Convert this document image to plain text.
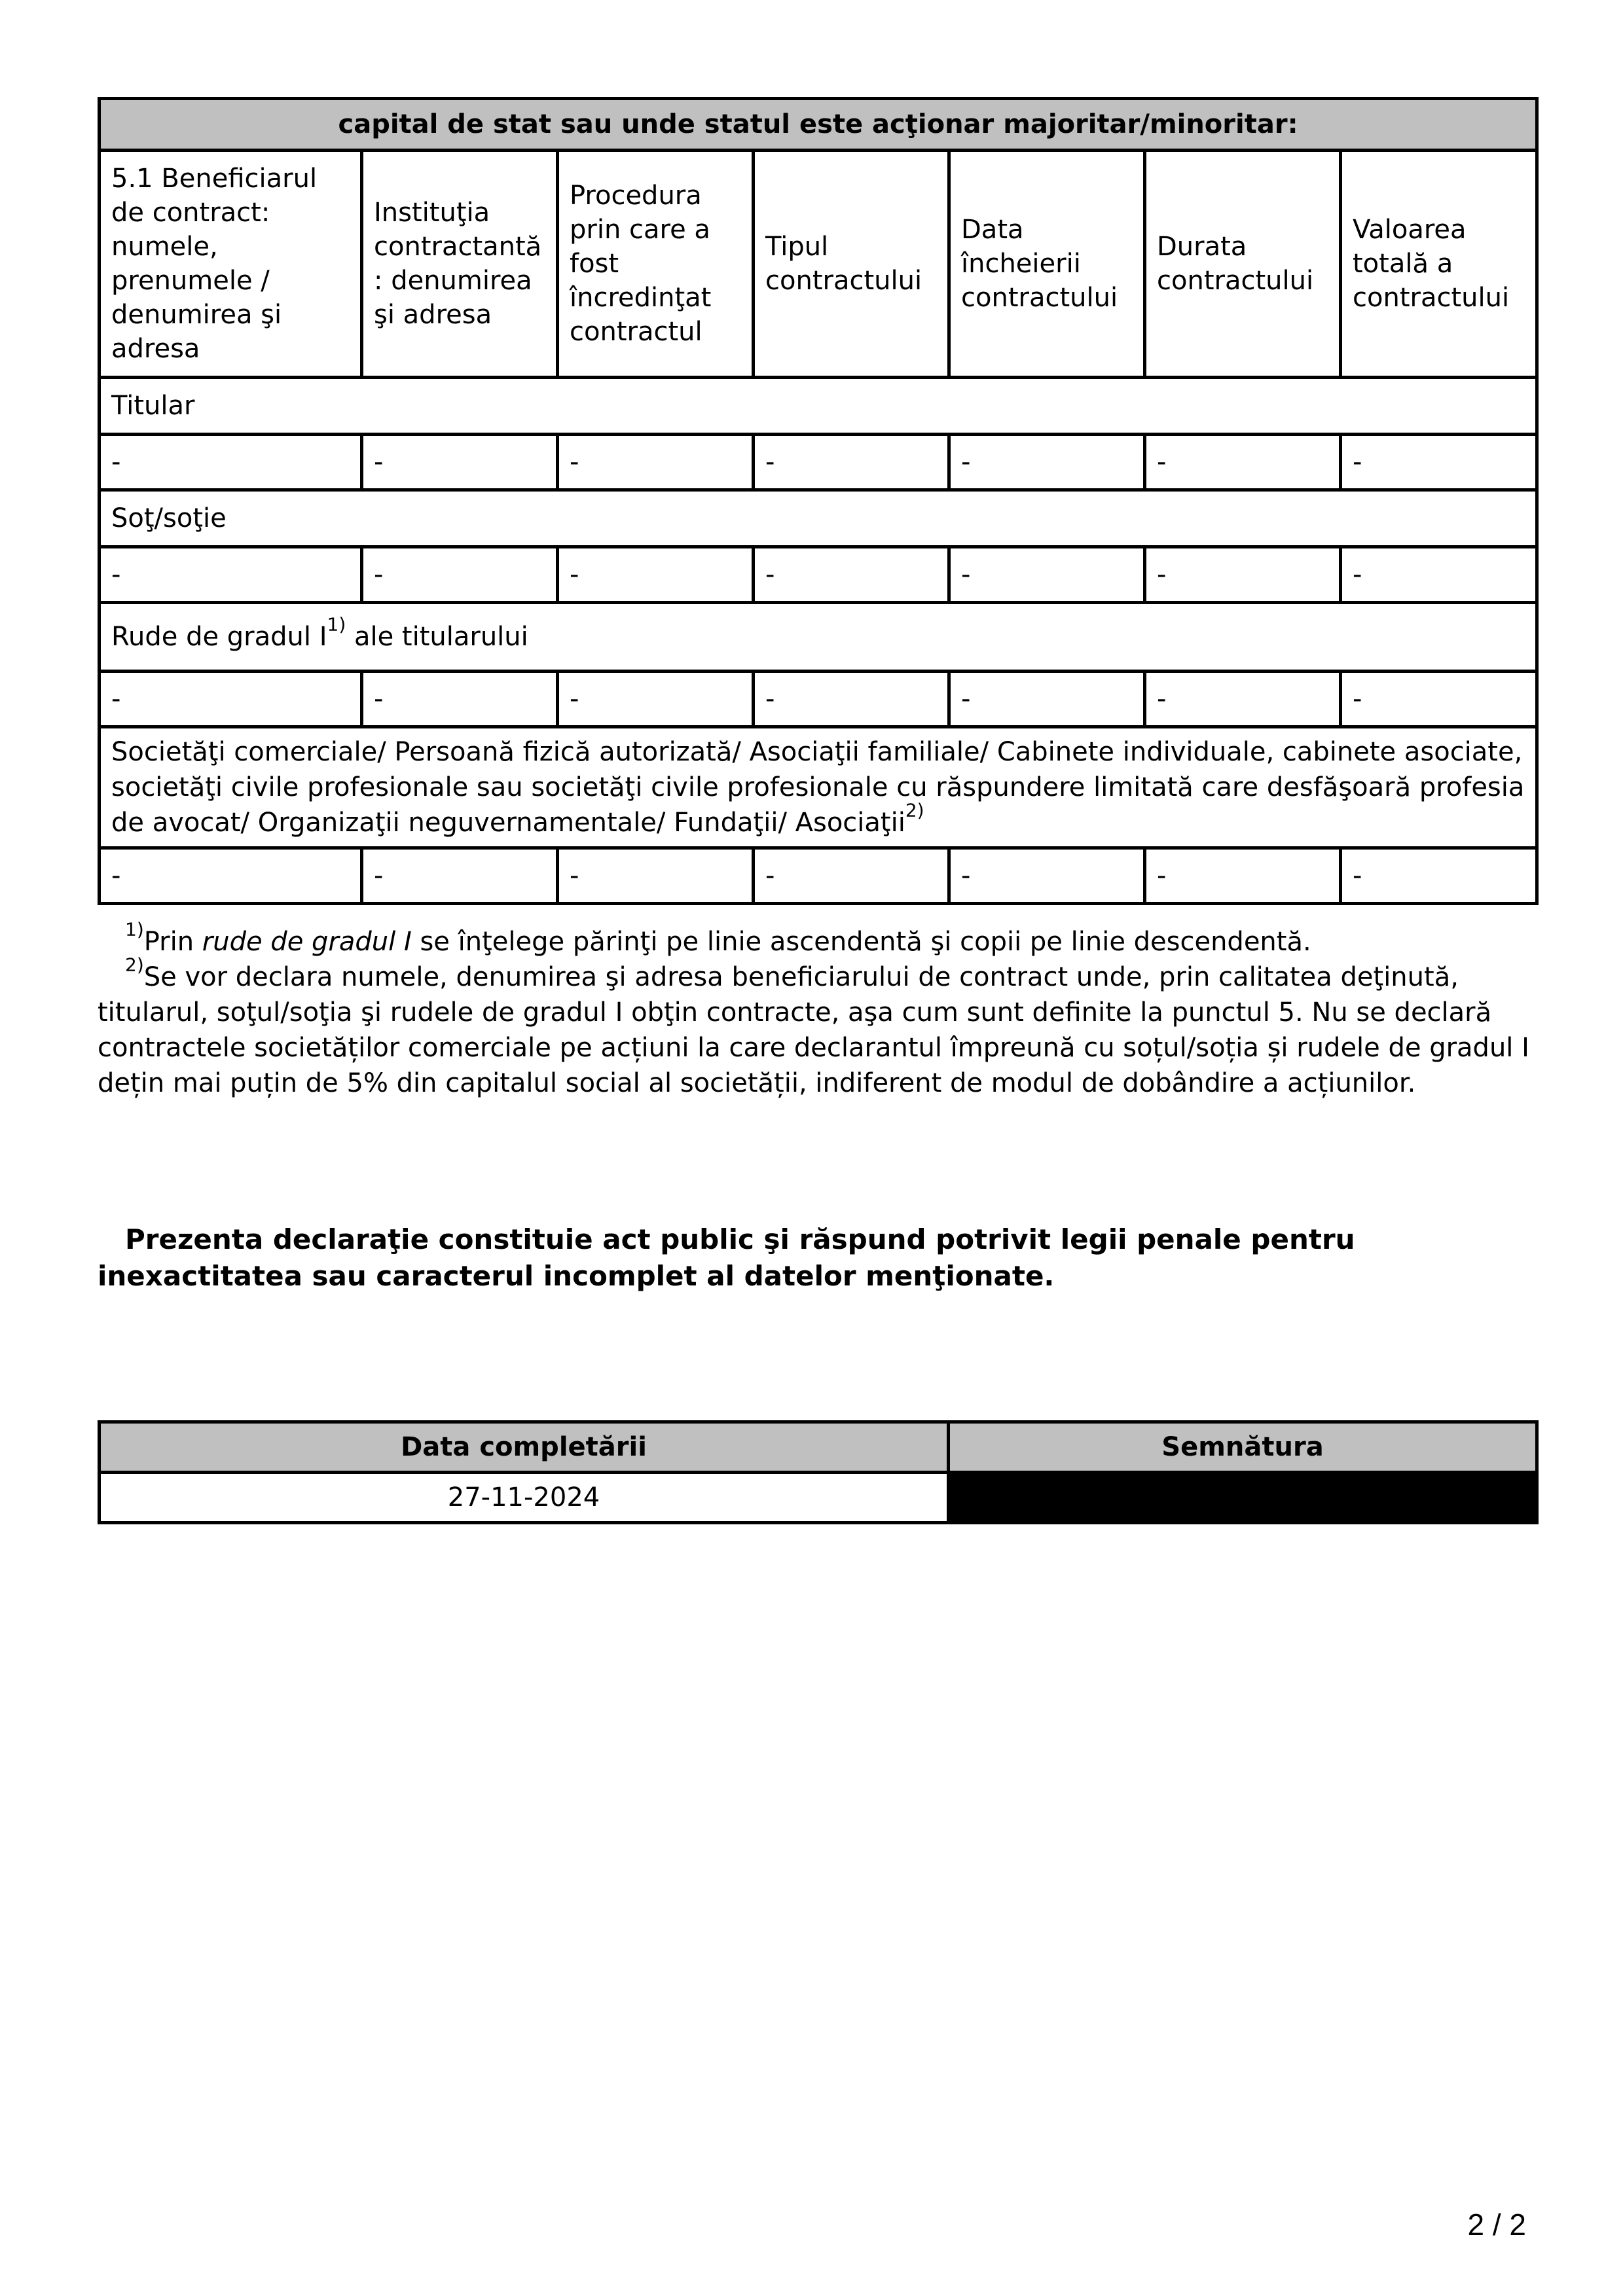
capital de stat sau unde statul este acţionar majoritar/minoritar:						
5.1 Beneficiarul de contract: numele, prenumele / denumirea şi adresa	Instituţia contractantă: denumirea şi adresa	Procedura prin care a fost încredinţat contractul	Tipul contractului	Data încheierii contractului	Durata contractului	Valoarea totală a contractului
Titular						
-	-	-	-	-	-	-
Soţ/soţie						
-	-	-	-	-	-	-
Rude de gradul $I^{1)}$ ale titularului						
-	-	-	-	-	-	-
Societăţi comerciale/ Persoană fizică autorizată/ Asociaţii familiale/ Cabinete individuale, cabinete asociate, societăţi civile profesionale sau societăţi civile profesionale cu răspundere limitată care desfăşoară profesia de avocat/ Organizaţii neguvernamentale/ Fundaţii/ Asociaţii$^{2)}$
-	-	-	-	-	-	-

$^{1)}$Prin rude de gradul I se înţelege părinţi pe linie ascendentă şi copii pe linie descendentă.

$^{2)}$Se vor declara numele, denumirea şi adresa beneficiarului de contract unde, prin calitatea deţinută, titularul, soţul/soţia şi rudele de gradul I obţin contracte, aşa cum sunt definite la punctul 5. Nu se declară contractele societăților comerciale pe acțiuni la care declarantul împreună cu soțul/soția și rudele de gradul I dețin mai puțin de 5% din capitalul social al societății, indiferent de modul de dobândire a acțiunilor.

Prezenta declaraţie constituie act public şi răspund potrivit legii penale pentru inexactitatea sau caracterul incomplet al datelor menţionate.

Data completării	Semnătura
27-11-2024	
2 / 2
